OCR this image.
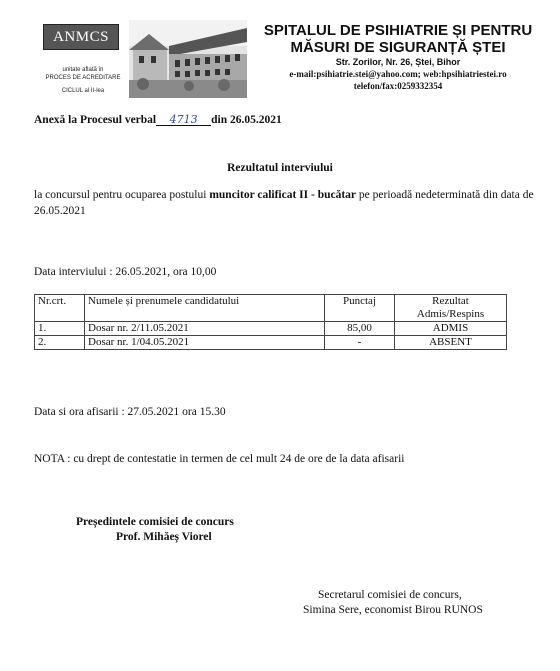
ANMCS
unitate aflată în
PROCES DE ACREDITARE
CICLUL al II-lea
SPITALUL DE PSIHIATRIE ȘI PENTRU
MĂSURI DE SIGURANȚĂ ȘTEI
Str. Zorilor, Nr. 26, Ștei, Bihor
e-mail:psihiatrie.stei@yahoo.com; web:hpsihiatriestei.ro
telefon/fax:0259332354
Anexă la Procesul verbal 4713 din 26.05.2021
Rezultatul interviului
la concursul pentru ocuparea postului muncitor calificat II - bucătar pe perioadă nedeterminată din data de 26.05.2021
Data interviului : 26.05.2021, ora 10,00
Nr.crt.	Numele și prenumele candidatului	Punctaj	Rezultat Admis/Respins
1.	Dosar nr. 2/11.05.2021	85,00	ADMIS
2.	Dosar nr. 1/04.05.2021	-	ABSENT
Data si ora afisarii : 27.05.2021 ora 15.30
NOTA : cu drept de contestatie in termen de cel mult 24 de ore de la data afisarii
Președintele comisiei de concurs
Prof. Mihăeș Viorel
Secretarul comisiei de concurs,
Simina Sere, economist Birou RUNOS
